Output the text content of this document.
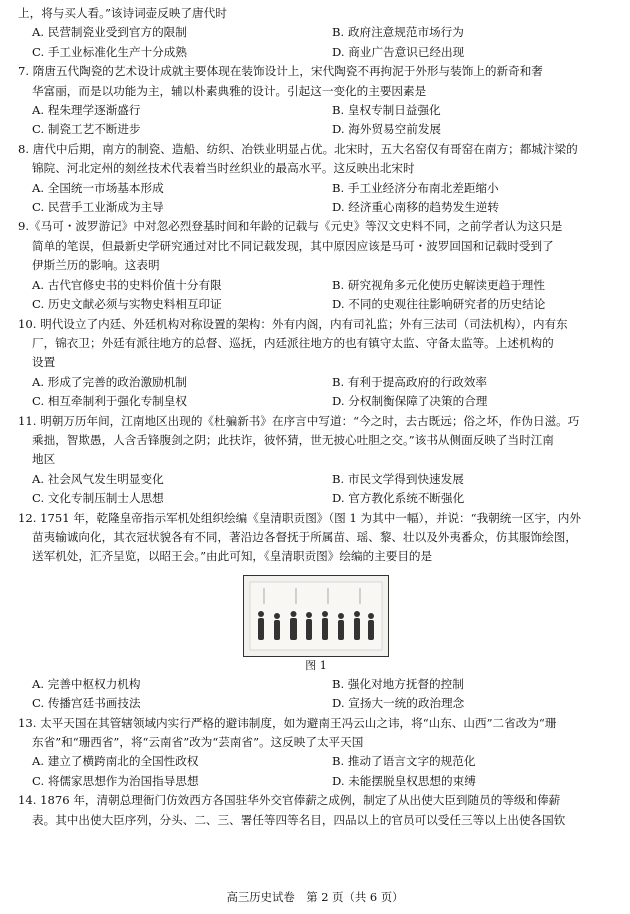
上，将与买人看。”该诗词壶反映了唐代时
A. 民营制瓷业受到官方的限制	B. 政府注意规范市场行为
C. 手工业标准化生产十分成熟	D. 商业广告意识已经出现
7. 隋唐五代陶瓷的艺术设计成就主要体现在装饰设计上，宋代陶瓷不再拘泥于外形与装饰上的新奇和奢
华富丽，而是以功能为主，辅以朴素典雅的设计。引起这一变化的主要因素是
A. 程朱理学逐渐盛行	B. 皇权专制日益强化
C. 制瓷工艺不断进步	D. 海外贸易空前发展
8. 唐代中后期，南方的制瓷、造船、纺织、冶铁业明显占优。北宋时，五大名窑仅有哥窑在南方；都城汴梁的
锦院、河北定州的刻丝技术代表着当时丝织业的最高水平。这反映出北宋时
A. 全国统一市场基本形成	B. 手工业经济分布南北差距缩小
C. 民营手工业渐成为主导	D. 经济重心南移的趋势发生逆转
9.《马可・波罗游记》中对忽必烈登基时间和年龄的记载与《元史》等汉文史料不同，之前学者认为这只是
简单的笔误，但最新史学研究通过对比不同记载发现，其中原因应该是马可・波罗回国和记载时受到了
伊斯兰历的影响。这表明
A. 古代官修史书的史料价值十分有限	B. 研究视角多元化使历史解读更趋于理性
C. 历史文献必须与实物史料相互印证	D. 不同的史观往往影响研究者的历史结论
10. 明代设立了内廷、外廷机构对称设置的架构：外有内阁，内有司礼监；外有三法司（司法机构），内有东
厂，锦衣卫；外廷有派往地方的总督、巡抚，内廷派往地方的也有镇守太监、守备太监等。上述机构的
设置
A. 形成了完善的政治激励机制	B. 有利于提高政府的行政效率
C. 相互牵制利于强化专制皇权	D. 分权制衡保障了决策的合理
11. 明朝万历年间，江南地区出现的《杜骗新书》在序言中写道：“今之时，去古既远；俗之坏，作伪日滋。巧
乘拙，智欺愚，人含舌锋腹剑之阴；此扶诈，彼怀猜，世无披心吐胆之交。”该书从侧面反映了当时江南
地区
A. 社会风气发生明显变化	B. 市民文学得到快速发展
C. 文化专制压制士人思想	D. 官方教化系统不断强化
12. 1751 年，乾隆皇帝指示军机处组织绘编《皇清职贡图》（图 1 为其中一幅），并说：“我朝统一区宇，内外
苗夷输诚向化，其衣冠状貌各有不同，著沿边各督抚于所属苗、瑶、黎、壮以及外夷番众，仿其服饰绘图，
送军机处，汇齐呈览，以昭王会。”由此可知，《皇清职贡图》绘编的主要目的是
图 1
A. 完善中枢权力机构	B. 强化对地方抚督的控制
C. 传播宫廷书画技法	D. 宣扬大一统的政治理念
13. 太平天国在其管辖领域内实行严格的避讳制度，如为避南王冯云山之讳，将“山东、山西”二省改为“珊
东省”和“珊西省”，将“云南省”改为“芸南省”。这反映了太平天国
A. 建立了横跨南北的全国性政权	B. 推动了语言文字的规范化
C. 将儒家思想作为治国指导思想	D. 未能摆脱皇权思想的束缚
14. 1876 年，清朝总理衙门仿效西方各国驻华外交官俸薪之成例，制定了从出使大臣到随员的等级和俸薪
表。其中出使大臣序列，分头、二、三、署任等四等名目，四品以上的官员可以受任三等以上出使各国钦
高三历史试卷　第 2 页（共 6 页）
